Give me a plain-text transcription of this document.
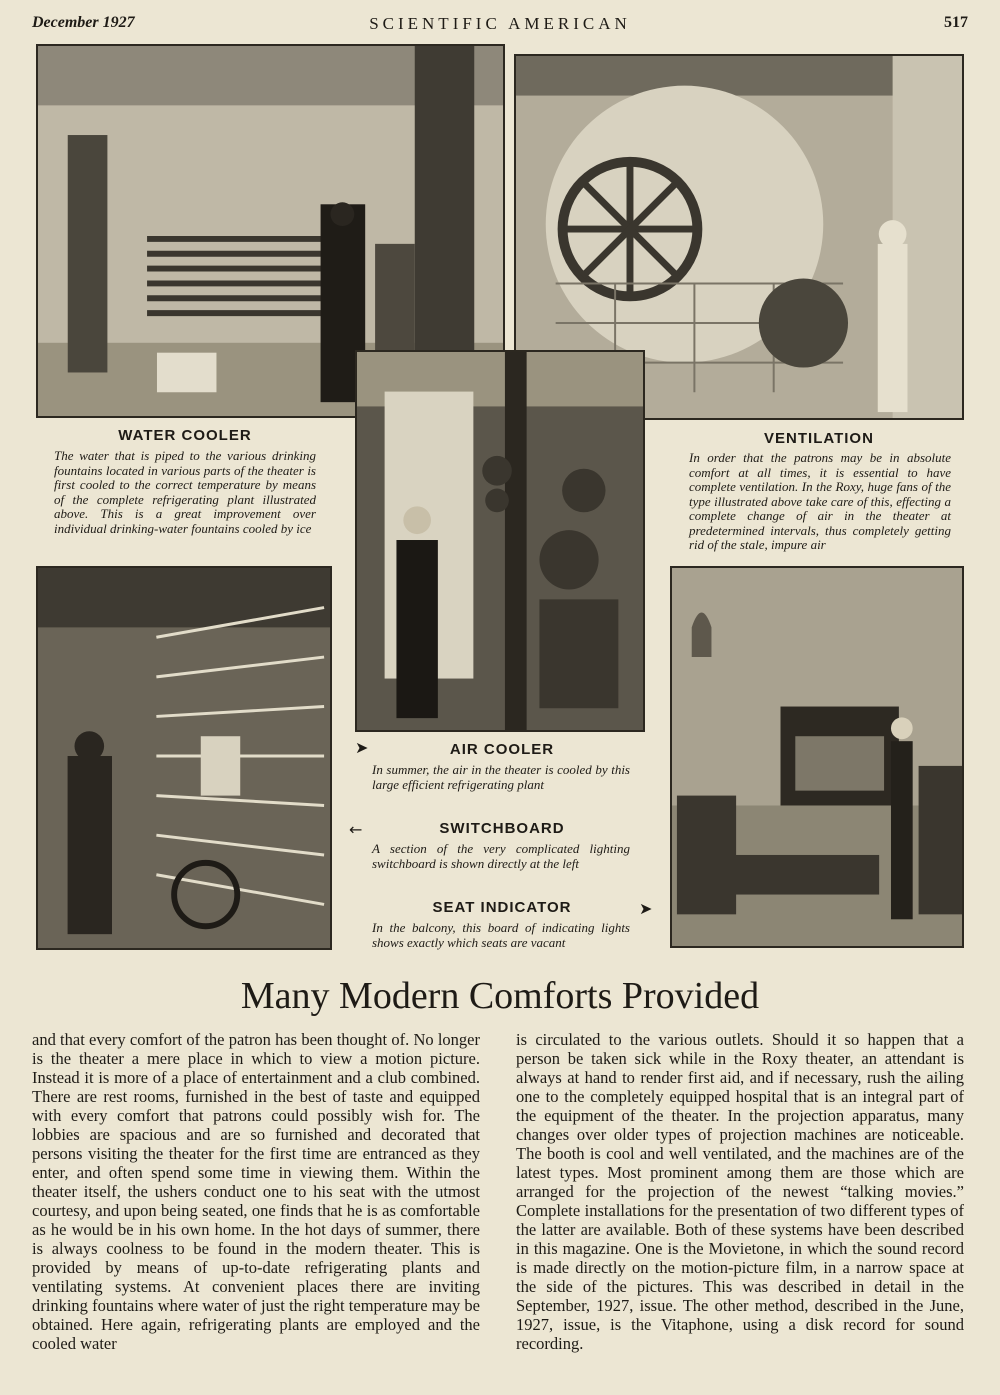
December 1927	SCIENTIFIC AMERICAN	517
WATER COOLER
The water that is piped to the various drinking fountains located in various parts of the theater is first cooled to the correct temperature by means of the complete refrigerating plant illustrated above. This is a great improvement over individual drinking-water fountains cooled by ice
VENTILATION
In order that the patrons may be in absolute comfort at all times, it is essential to have complete ventilation. In the Roxy, huge fans of the type illustrated above take care of this, effecting a complete change of air in the theater at predetermined intervals, thus completely getting rid of the stale, impure air
➤	AIR COOLER
In summer, the air in the theater is cooled by this large efficient refrigerating plant
←	SWITCHBOARD
A section of the very complicated lighting switchboard is shown directly at the left
SEAT INDICATOR	➤
In the balcony, this board of indicating lights shows exactly which seats are vacant
Many Modern Comforts Provided

and that every comfort of the patron has been thought of. No longer is the theater a mere place in which to view a motion picture. Instead it is more of a place of entertainment and a club combined. There are rest rooms, furnished in the best of taste and equipped with every comfort that patrons could possibly wish for. The lobbies are spacious and are so furnished and decorated that persons visiting the theater for the first time are entranced as they enter, and often spend some time in viewing them. Within the theater itself, the ushers conduct one to his seat with the utmost courtesy, and upon being seated, one finds that he is as comfortable as he would be in his own home. In the hot days of summer, there is always coolness to be found in the modern theater. This is provided by means of up-to-date refrigerating plants and ventilating systems. At convenient places there are inviting drinking fountains where water of just the right temperature may be obtained. Here again, refrigerating plants are employed and the cooled water

is circulated to the various outlets. Should it so happen that a person be taken sick while in the Roxy theater, an attendant is always at hand to render first aid, and if necessary, rush the ailing one to the completely equipped hospital that is an integral part of the equipment of the theater. In the projection apparatus, many changes over older types of projection machines are noticeable. The booth is cool and well ventilated, and the machines are of the latest types. Most prominent among them are those which are arranged for the projection of the newest “talking movies.” Complete installations for the presentation of two different types of the latter are available. Both of these systems have been described in this magazine. One is the Movietone, in which the sound record is made directly on the motion-picture film, in a narrow space at the side of the pictures. This was described in detail in the September, 1927, issue. The other method, described in the June, 1927, issue, is the Vitaphone, using a disk record for sound recording.
